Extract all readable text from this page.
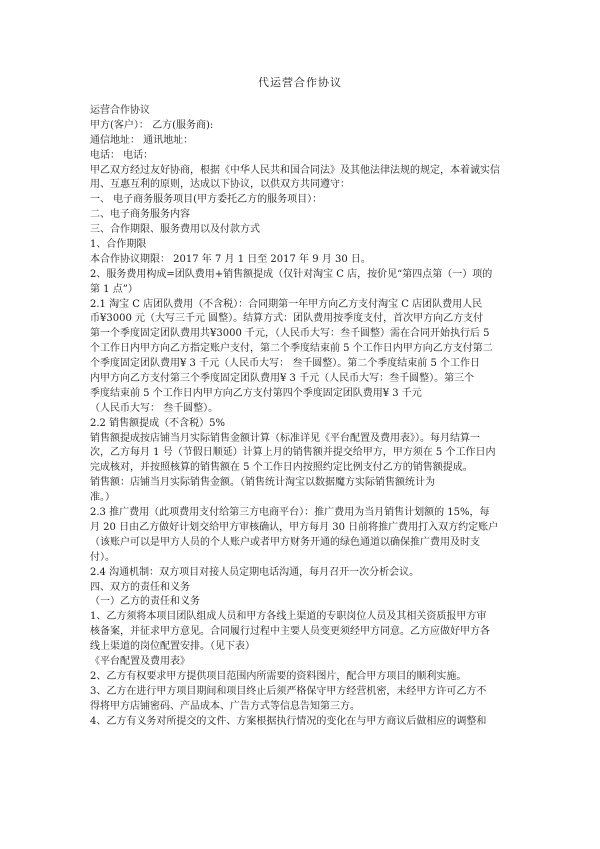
代运营合作协议
运营合作协议
甲方(客户）： 乙方(服务商):
通信地址： 通讯地址：
电话： 电话：
甲乙双方经过友好协商，根据《中华人民共和国合同法》及其他法律法规的规定，本着诚实信
用、互惠互利的原则，达成以下协议，以供双方共同遵守：
一、 电子商务服务项目(甲方委托乙方的服务项目）：
二、电子商务服务内容
三、合作期限、服务费用以及付款方式
1、合作期限
本合作协议期限： 2017 年 7 月 1 日至 2017 年 9 月 30 日。
2、服务费用构成=团队费用+销售额提成（仅针对淘宝 C 店，按价见“第四点第（一）项的
第 1 点”）
2.1 淘宝 C 店团队费用（不含税）：合同期第一年甲方向乙方支付淘宝 C 店团队费用人民
币¥3000 元（大写三千元 圆整）。结算方式：团队费用按季度支付，首次甲方向乙方支付
第一个季度固定团队费用共¥3000 千元，（人民币大写：叁千圆整）需在合同开始执行后 5
个工作日内甲方向乙方指定账户支付，第二个季度结束前 5 个工作日内甲方向乙方支付第二
个季度固定团队费用¥ 3 千元（人民币大写： 叁千圆整）。第二个季度结束前 5 个工作日
内甲方向乙方支付第三个季度固定团队费用¥ 3 千元（人民币大写：叁千圆整）。第三个
季度结束前 5 个工作日内甲方向乙方支付第四个季度固定团队费用¥ 3 千元
（人民币大写： 叁千圆整）。
2.2 销售额提成（不含税）5%
销售额提成按店铺当月实际销售金额计算（标准详见《平台配置及费用表》）。每月结算一
次，乙方每月 1 号（节假日顺延）计算上月的销售额并提交给甲方，甲方须在 5 个工作日内
完成核对，并按照核算的销售额在 5 个工作日内按照约定比例支付乙方的销售额提成。
销售额：店铺当月实际销售金额。（销售统计淘宝以数据魔方实际销售额统计为
准。）
2.3 推广费用（此项费用支付给第三方电商平台）：推广费用为当月销售计划额的 15%，每
月 20 日由乙方做好计划交给甲方审核确认，甲方每月 30 日前将推广费用打入双方约定账户
（该账户可以是甲方人员的个人账户或者甲方财务开通的绿色通道以确保推广费用及时支
付）。
2.4 沟通机制：双方项目对接人员定期电话沟通，每月召开一次分析会议。
四、双方的责任和义务
（一）乙方的责任和义务
1、乙方须将本项目团队组成人员和甲方各线上渠道的专职岗位人员及其相关资质报甲方审
核备案，并征求甲方意见。合同履行过程中主要人员变更须经甲方同意。乙方应做好甲方各
线上渠道的岗位配置安排。（见下表）
《平台配置及费用表》
2、乙方有权要求甲方提供项目范围内所需要的资料图片，配合甲方项目的顺利实施。
3、乙方在进行甲方项目期间和项目终止后须严格保守甲方经营机密，未经甲方许可乙方不
得将甲方店铺密码、产品成本、广告方式等信息告知第三方。
4、乙方有义务对所提交的文件、方案根据执行情况的变化在与甲方商议后做相应的调整和
